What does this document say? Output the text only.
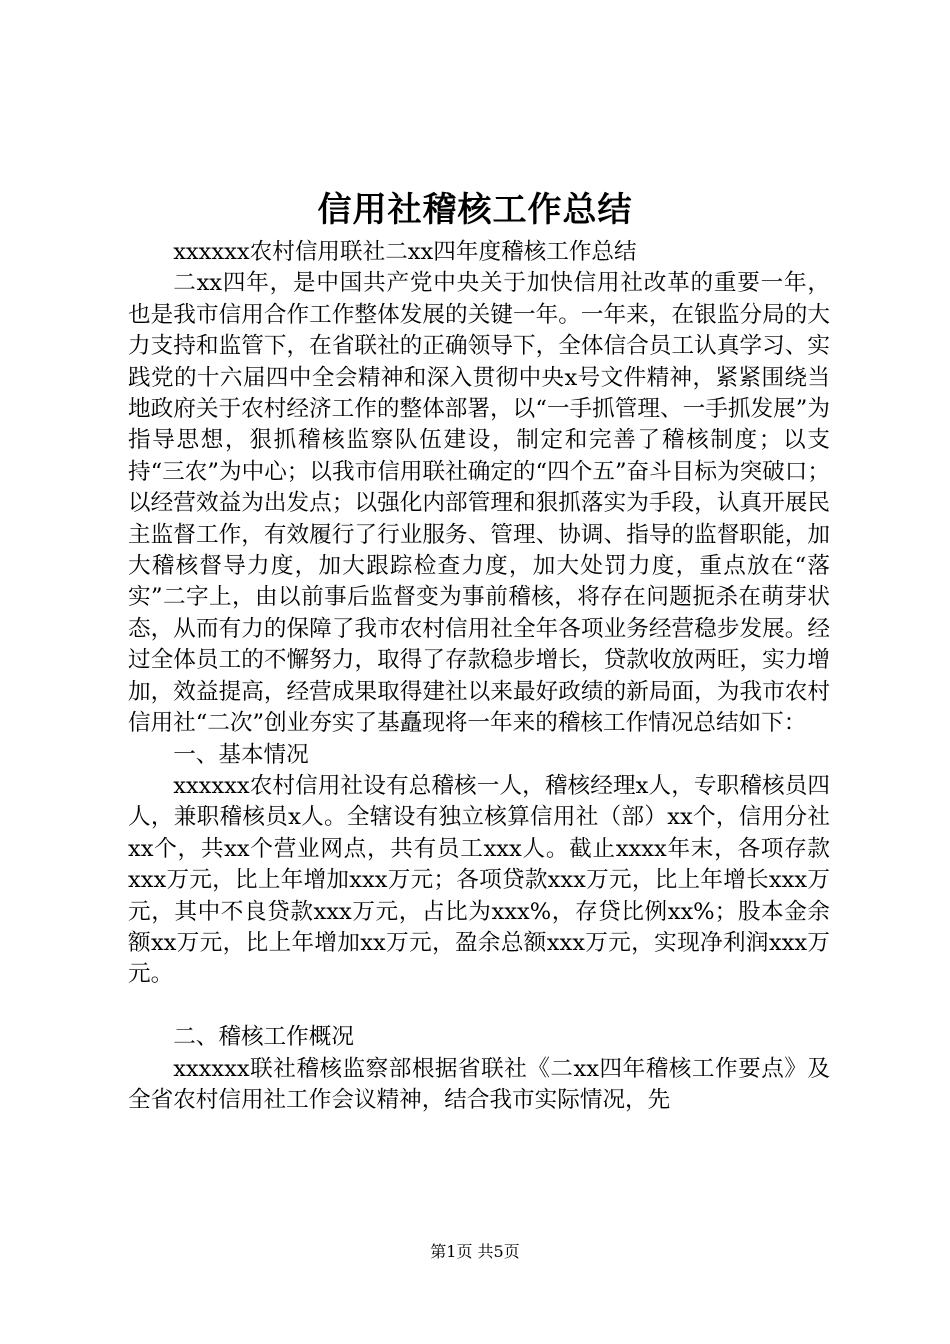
信用社稽核工作总结

xxxxxx农村信用联社二xx四年度稽核工作总结

二xx四年，是中国共产党中央关于加快信用社改革的重要一年，也是我市信用合作工作整体发展的关键一年。一年来，在银监分局的大力支持和监管下，在省联社的正确领导下，全体信合员工认真学习、实践党的十六届四中全会精神和深入贯彻中央x号文件精神，紧紧围绕当地政府关于农村经济工作的整体部署，以“一手抓管理、一手抓发展”为指导思想，狠抓稽核监察队伍建设，制定和完善了稽核制度；以支持“三农”为中心；以我市信用联社确定的“四个五”奋斗目标为突破口；以经营效益为出发点；以强化内部管理和狠抓落实为手段，认真开展民主监督工作，有效履行了行业服务、管理、协调、指导的监督职能，加大稽核督导力度，加大跟踪检查力度，加大处罚力度，重点放在“落实”二字上，由以前事后监督变为事前稽核，将存在问题扼杀在萌芽状态，从而有力的保障了我市农村信用社全年各项业务经营稳步发展。经过全体员工的不懈努力，取得了存款稳步增长，贷款收放两旺，实力增加，效益提高，经营成果取得建社以来最好政绩的新局面，为我市农村信用社“二次”创业夯实了基矗现将一年来的稽核工作情况总结如下：

一、基本情况

xxxxxx农村信用社设有总稽核一人，稽核经理x人，专职稽核员四人，兼职稽核员x人。全辖设有独立核算信用社（部）xx个，信用分社xx个，共xx个营业网点，共有员工xxx人。截止xxxx年末，各项存款xxx万元，比上年增加xxx万元；各项贷款xxx万元，比上年增长xxx万元，其中不良贷款xxx万元，占比为xxx%，存贷比例xx%；股本金余额xx万元，比上年增加xx万元，盈余总额xxx万元，实现净利润xxx万元。

二、稽核工作概况

xxxxxx联社稽核监察部根据省联社《二xx四年稽核工作要点》及全省农村信用社工作会议精神，结合我市实际情况，先

第1页 共5页
